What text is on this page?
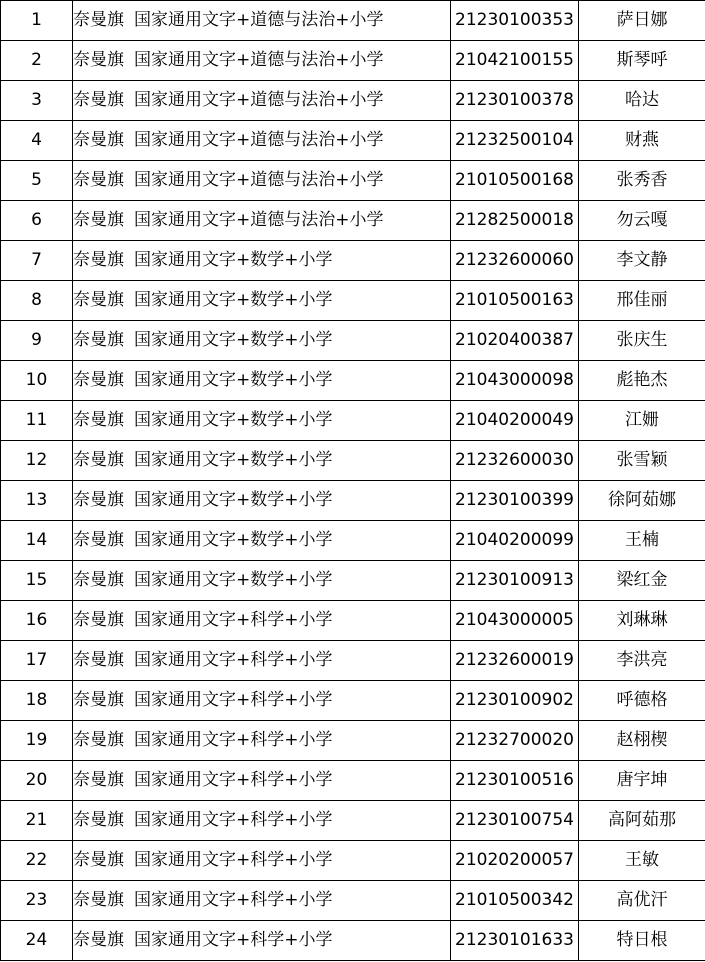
1	奈曼旗 国家通用文字+道德与法治+小学	21230100353	萨日娜
2	奈曼旗 国家通用文字+道德与法治+小学	21042100155	斯琴呼
3	奈曼旗 国家通用文字+道德与法治+小学	21230100378	哈达
4	奈曼旗 国家通用文字+道德与法治+小学	21232500104	财燕
5	奈曼旗 国家通用文字+道德与法治+小学	21010500168	张秀香
6	奈曼旗 国家通用文字+道德与法治+小学	21282500018	勿云嘎
7	奈曼旗 国家通用文字+数学+小学	21232600060	李文静
8	奈曼旗 国家通用文字+数学+小学	21010500163	邢佳丽
9	奈曼旗 国家通用文字+数学+小学	21020400387	张庆生
10	奈曼旗 国家通用文字+数学+小学	21043000098	彪艳杰
11	奈曼旗 国家通用文字+数学+小学	21040200049	江姗
12	奈曼旗 国家通用文字+数学+小学	21232600030	张雪颖
13	奈曼旗 国家通用文字+数学+小学	21230100399	徐阿茹娜
14	奈曼旗 国家通用文字+数学+小学	21040200099	王楠
15	奈曼旗 国家通用文字+数学+小学	21230100913	梁红金
16	奈曼旗 国家通用文字+科学+小学	21043000005	刘琳琳
17	奈曼旗 国家通用文字+科学+小学	21232600019	李洪亮
18	奈曼旗 国家通用文字+科学+小学	21230100902	呼德格
19	奈曼旗 国家通用文字+科学+小学	21232700020	赵栩楔
20	奈曼旗 国家通用文字+科学+小学	21230100516	唐宇坤
21	奈曼旗 国家通用文字+科学+小学	21230100754	高阿茹那
22	奈曼旗 国家通用文字+科学+小学	21020200057	王敏
23	奈曼旗 国家通用文字+科学+小学	21010500342	高优汗
24	奈曼旗 国家通用文字+科学+小学	21230101633	特日根
